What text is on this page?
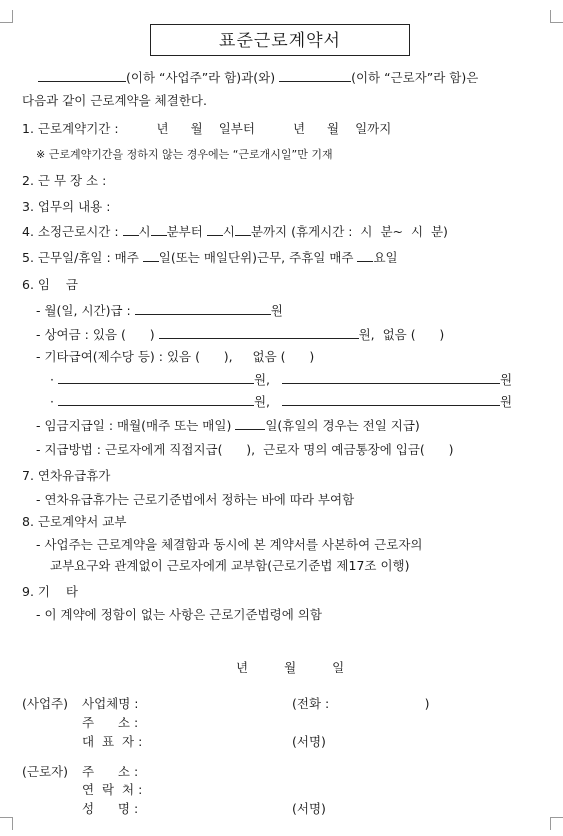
표준근로계약서
(이하 “사업주”라 함)과(와)	(이하 “근로자”라 함)은
다음과 같이 근로계약을 체결한다.
1. 근로계약기간 :	년 월 일부터	년 월 일까지
※ 근로계약기간을 정하지 않는 경우에는 “근로개시일”만 기재
2. 근 무 장 소 :
3. 업무의 내용 :
4. 소정근로시간 : 시 분부터 시 분까지 (휴게시간 :  시  분~  시  분)
5. 근무일/휴일 : 매주 일(또는 매일단위)근무, 주휴일 매주 요일
6. 임    금
- 월(일, 시간)급 :	원
- 상여금 : 있음 (      )	원,  없음 (      )
- 기타급여(제수당 등) : 있음 (      ),     없음 (      )
·	원,	원
·	원,	원
- 임금지급일 : 매월(매주 또는 매일)	일(휴일의 경우는 전일 지급)
- 지급방법 : 근로자에게 직접지급(      ),  근로자 명의 예금통장에 입금(      )
7. 연차유급휴가
- 연차유급휴가는 근로기준법에서 정하는 바에 따라 부여함
8. 근로계약서 교부
- 사업주는 근로계약을 체결함과 동시에 본 계약서를 사본하여 근로자의
교부요구와 관계없이 근로자에게 교부함(근로기준법 제17조 이행)
9. 기    타
- 이 계약에 정함이 없는 사항은 근로기준법령에 의함
년	월	일
(사업주) 사업체명 :	(전화 :                        )
주      소 :
대  표  자 :	(서명)
(근로자) 주      소 :
연  락  처 :
성      명 :	(서명)
